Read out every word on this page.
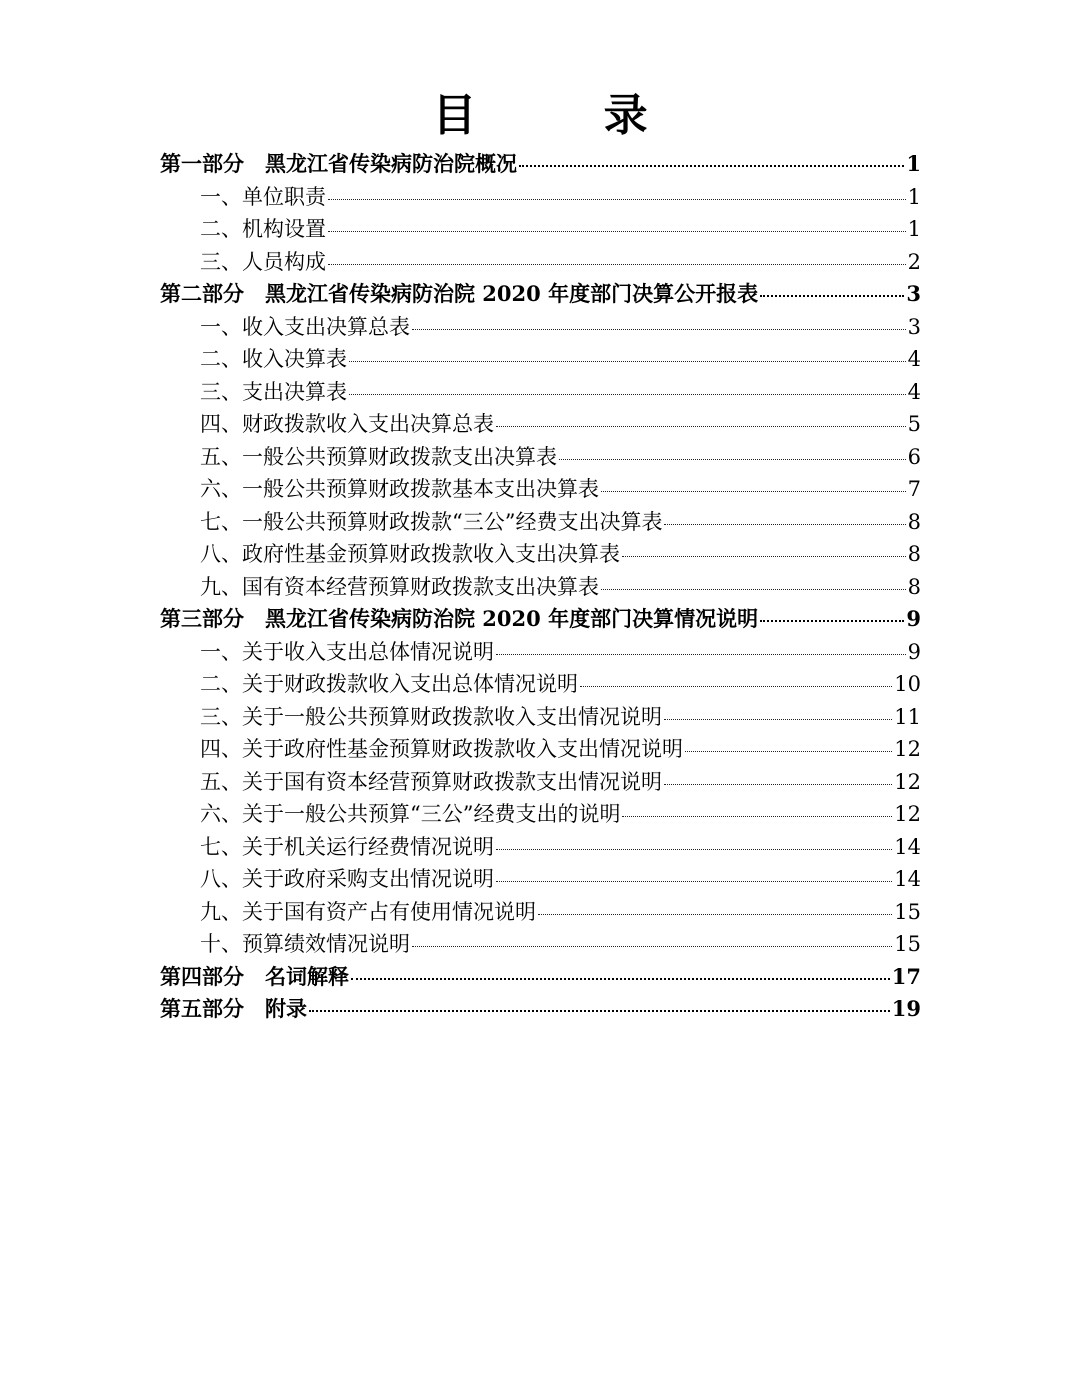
目 录
第一部分　黑龙江省传染病防治院概况	1
一、单位职责	1
二、机构设置	1
三、人员构成	2
第二部分　黑龙江省传染病防治院 2020 年度部门决算公开报表	3
一、收入支出决算总表	3
二、收入决算表	4
三、支出决算表	4
四、财政拨款收入支出决算总表	5
五、一般公共预算财政拨款支出决算表	6
六、一般公共预算财政拨款基本支出决算表	7
七、一般公共预算财政拨款“三公”经费支出决算表	8
八、政府性基金预算财政拨款收入支出决算表	8
九、国有资本经营预算财政拨款支出决算表	8
第三部分　黑龙江省传染病防治院 2020 年度部门决算情况说明	9
一、关于收入支出总体情况说明	9
二、关于财政拨款收入支出总体情况说明	10
三、关于一般公共预算财政拨款收入支出情况说明	11
四、关于政府性基金预算财政拨款收入支出情况说明	12
五、关于国有资本经营预算财政拨款支出情况说明	12
六、关于一般公共预算“三公”经费支出的说明	12
七、关于机关运行经费情况说明	14
八、关于政府采购支出情况说明	14
九、关于国有资产占有使用情况说明	15
十、预算绩效情况说明	15
第四部分　名词解释	17
第五部分　附录	19
